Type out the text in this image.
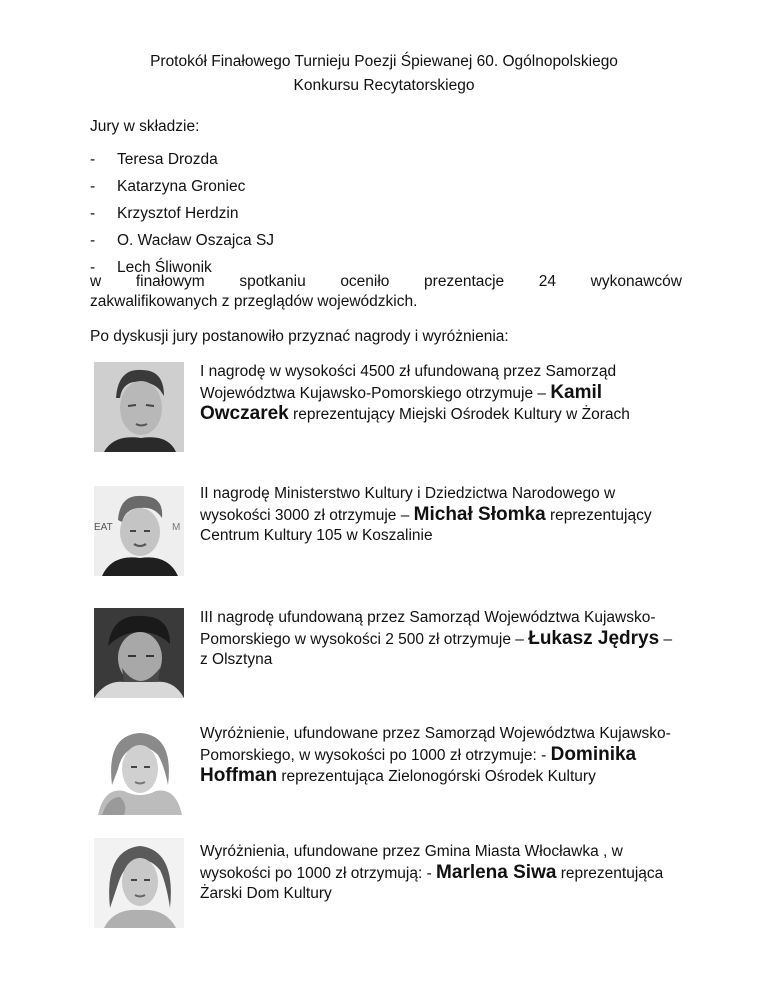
Protokół Finałowego Turnieju Poezji Śpiewanej 60. Ogólnopolskiego
Konkursu Recytatorskiego
Jury w składzie:
- Teresa Drozda
- Katarzyna Groniec
- Krzysztof Herdzin
- O. Wacław Oszajca SJ
- Lech Śliwonik
w finałowym spotkaniu oceniło prezentacje 24 wykonawców
zakwalifikowanych z przeglądów wojewódzkich.
Po dyskusji jury postanowiło przyznać nagrody i wyróżnienia:
I nagrodę w wysokości 4500 zł ufundowaną przez Samorząd Województwa Kujawsko-Pomorskiego otrzymuje – Kamil Owczarek reprezentujący Miejski Ośrodek Kultury w Żorach
EAT	M
II nagrodę Ministerstwo Kultury i Dziedzictwa Narodowego w wysokości 3000 zł otrzymuje – Michał Słomka reprezentujący Centrum Kultury 105 w Koszalinie
III nagrodę ufundowaną przez Samorząd Województwa Kujawsko-Pomorskiego w wysokości 2 500 zł otrzymuje – Łukasz Jędrys – z Olsztyna
Wyróżnienie, ufundowane przez Samorząd Województwa Kujawsko-Pomorskiego, w wysokości po 1000 zł otrzymuje: - Dominika Hoffman reprezentująca Zielonogórski Ośrodek Kultury
Wyróżnienia, ufundowane przez Gmina Miasta Włocławka , w wysokości po 1000 zł otrzymują: - Marlena Siwa reprezentująca Żarski Dom Kultury
